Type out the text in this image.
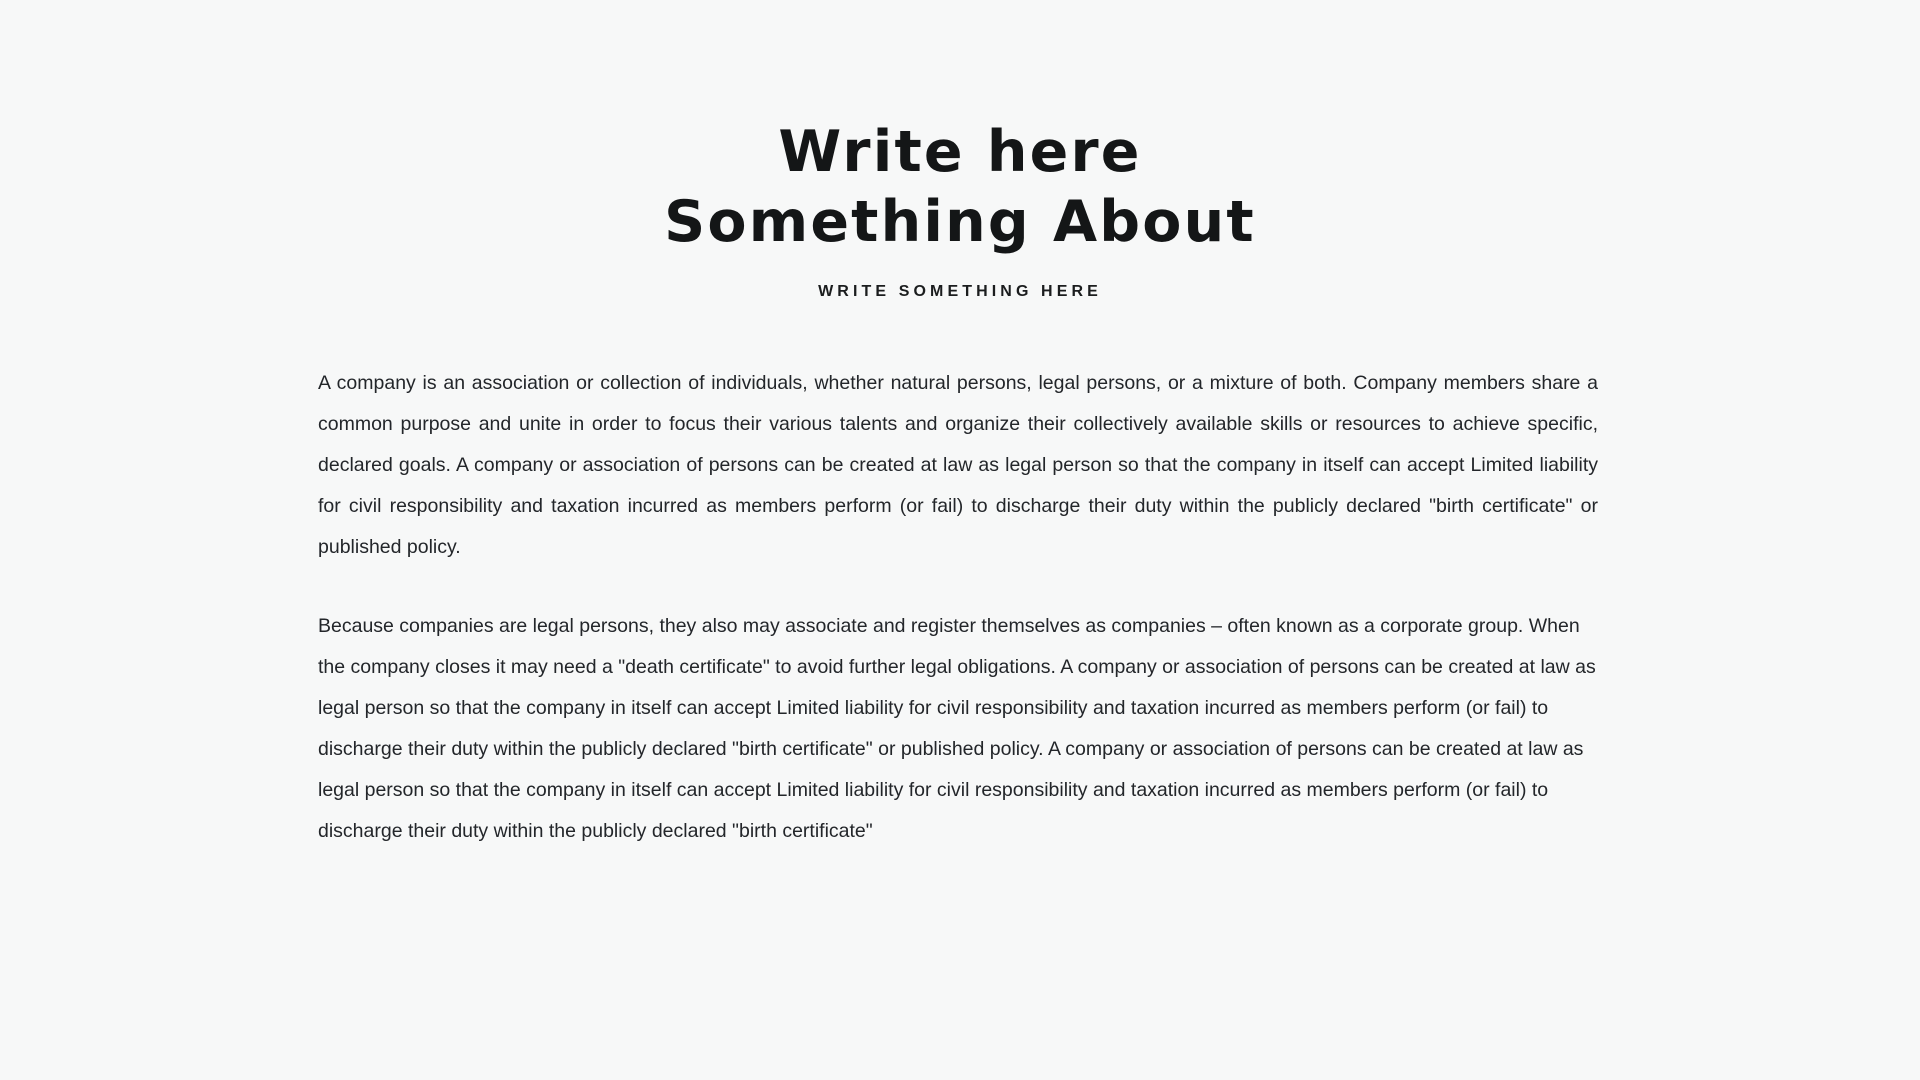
Write here
Something About
WRITE SOMETHING HERE

A company is an association or collection of individuals, whether natural persons, legal persons, or a mixture of both. Company members share a common purpose and unite in order to focus their various talents and organize their collectively available skills or resources to achieve specific, declared goals. A company or association of persons can be created at law as legal person so that the company in itself can accept Limited liability for civil responsibility and taxation incurred as members perform (or fail) to discharge their duty within the publicly declared "birth certificate" or published policy.

Because companies are legal persons, they also may associate and register themselves as companies – often known as a corporate group. When the company closes it may need a "death certificate" to avoid further legal obligations. A company or association of persons can be created at law as legal person so that the company in itself can accept Limited liability for civil responsibility and taxation incurred as members perform (or fail) to discharge their duty within the publicly declared "birth certificate" or published policy. A company or association of persons can be created at law as legal person so that the company in itself can accept Limited liability for civil responsibility and taxation incurred as members perform (or fail) to discharge their duty within the publicly declared "birth certificate"
